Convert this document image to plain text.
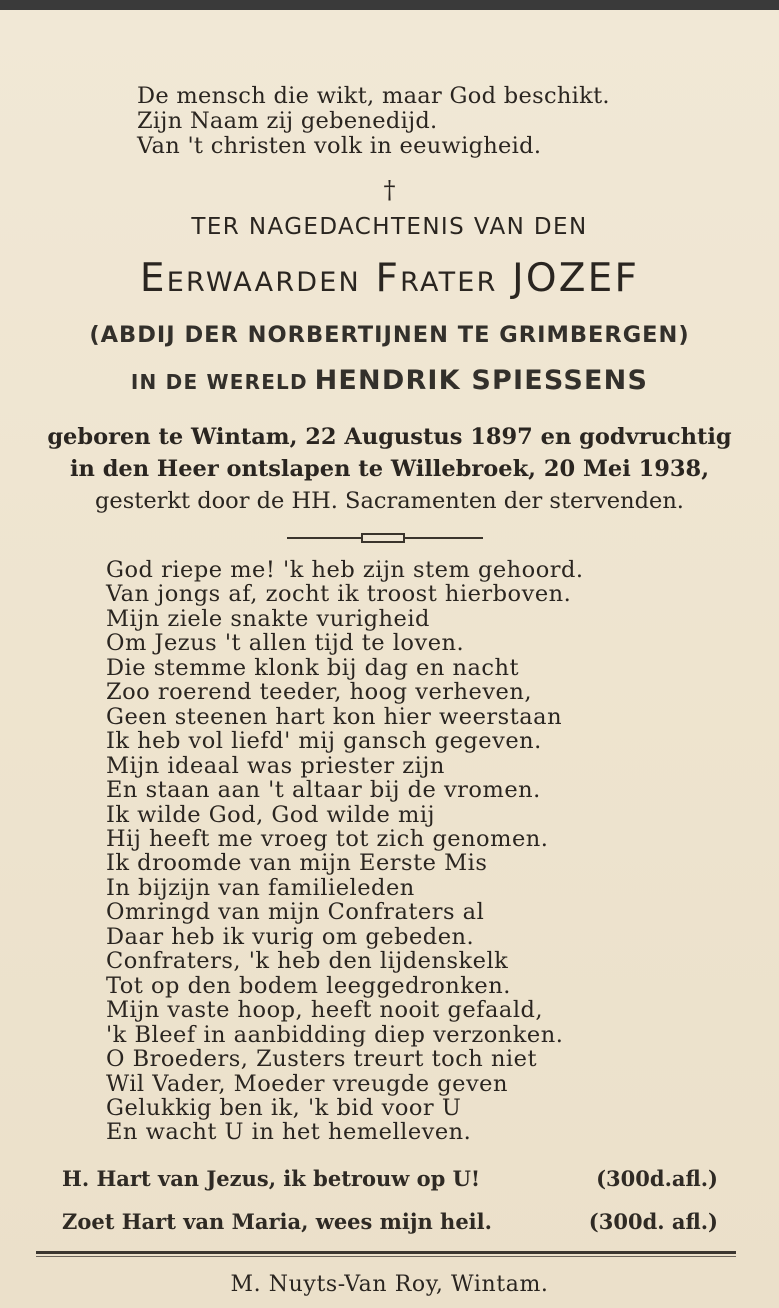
De mensch die wikt, maar God beschikt.
Zijn Naam zij gebenedijd.
Van 't christen volk in eeuwigheid.
†
TER NAGEDACHTENIS VAN DEN
Eerwaarden Frater JOZEF
(ABDIJ DER NORBERTIJNEN TE GRIMBERGEN)
IN DE WERELD HENDRIK SPIESSENS
geboren te Wintam, 22 Augustus 1897 en godvruchtig
in den Heer ontslapen te Willebroek, 20 Mei 1938,
gesterkt door de HH. Sacramenten der stervenden.
God riepe me! 'k heb zijn stem gehoord.
Van jongs af, zocht ik troost hierboven.
Mijn ziele snakte vurigheid
Om Jezus 't allen tijd te loven.
Die stemme klonk bij dag en nacht
Zoo roerend teeder, hoog verheven,
Geen steenen hart kon hier weerstaan
Ik heb vol liefd' mij gansch gegeven.
Mijn ideaal was priester zijn
En staan aan 't altaar bij de vromen.
Ik wilde God, God wilde mij
Hij heeft me vroeg tot zich genomen.
Ik droomde van mijn Eerste Mis
In bijzijn van familieleden
Omringd van mijn Confraters al
Daar heb ik vurig om gebeden.
Confraters, 'k heb den lijdenskelk
Tot op den bodem leeggedronken.
Mijn vaste hoop, heeft nooit gefaald,
'k Bleef in aanbidding diep verzonken.
O Broeders, Zusters treurt toch niet
Wil Vader, Moeder vreugde geven
Gelukkig ben ik, 'k bid voor U
En wacht U in het hemelleven.
H. Hart van Jezus, ik betrouw op U!	(300d.afl.)
Zoet Hart van Maria, wees mijn heil.	(300d. afl.)
M. Nuyts-Van Roy, Wintam.
